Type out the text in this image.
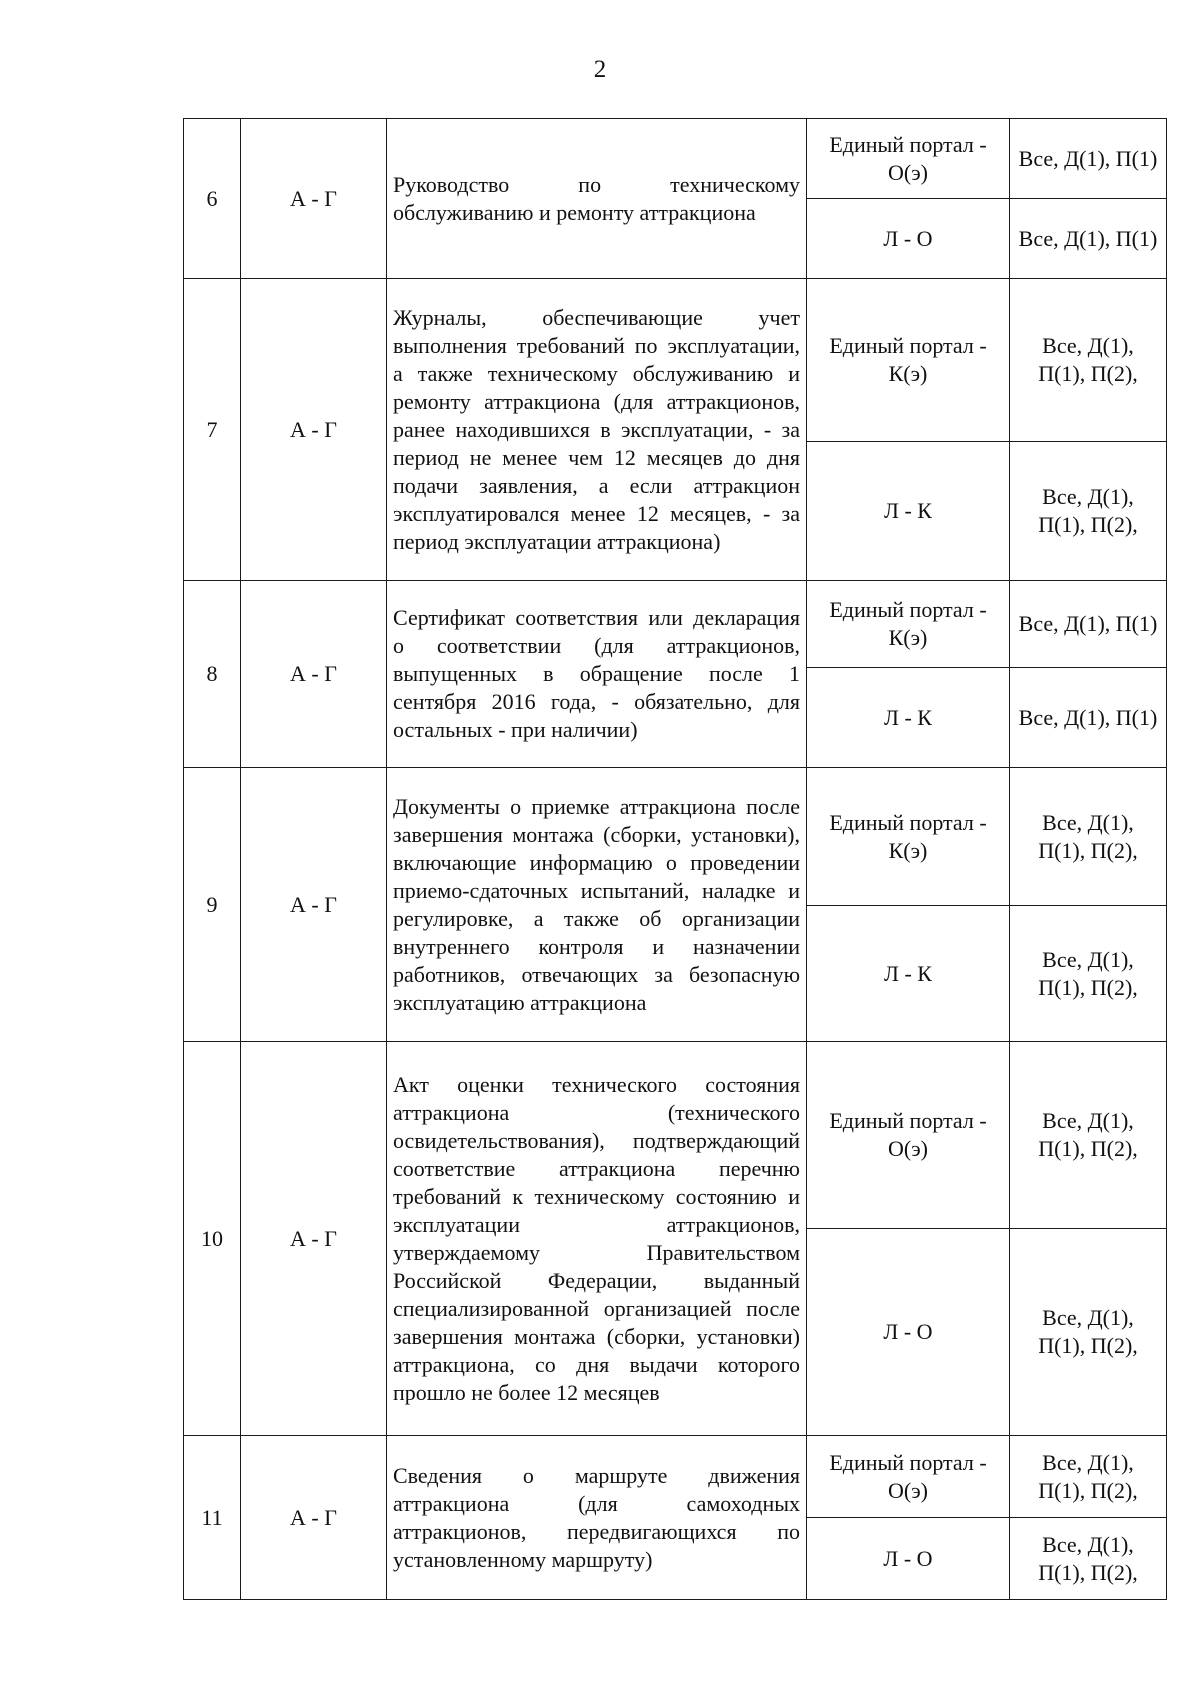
2
6	А - Г	Руководство по техническому обслуживанию и ремонту аттракциона	Единый портал - О(э)	Все, Д(1), П(1)
			Л - О	Все, Д(1), П(1)
7	А - Г	Журналы, обеспечивающие учет выполнения требований по эксплуатации, а также техническому обслуживанию и ремонту аттракциона (для аттракционов, ранее находившихся в эксплуатации, - за период не менее чем 12 месяцев до дня подачи заявления, а если аттракцион эксплуатировался менее 12 месяцев, - за период эксплуатации аттракциона)	Единый портал - К(э)	Все, Д(1), П(1), П(2),
			Л - К	Все, Д(1), П(1), П(2),
8	А - Г	Сертификат соответствия или декларация о соответствии (для аттракционов, выпущенных в обращение после 1 сентября 2016 года, - обязательно, для остальных - при наличии)	Единый портал - К(э)	Все, Д(1), П(1)
			Л - К	Все, Д(1), П(1)
9	А - Г	Документы о приемке аттракциона после завершения монтажа (сборки, установки), включающие информацию о проведении приемо-сдаточных испытаний, наладке и регулировке, а также об организации внутреннего контроля и назначении работников, отвечающих за безопасную эксплуатацию аттракциона	Единый портал - К(э)	Все, Д(1), П(1), П(2),
			Л - К	Все, Д(1), П(1), П(2),
10	А - Г	Акт оценки технического состояния аттракциона (технического освидетельствования), подтверждающий соответствие аттракциона перечню требований к техническому состоянию и эксплуатации аттракционов, утверждаемому Правительством Российской Федерации, выданный специализированной организацией после завершения монтажа (сборки, установки) аттракциона, со дня выдачи которого прошло не более 12 месяцев	Единый портал - О(э)	Все, Д(1), П(1), П(2),
			Л - О	Все, Д(1), П(1), П(2),
11	А - Г	Сведения о маршруте движения аттракциона (для самоходных аттракционов, передвигающихся по установленному маршруту)	Единый портал - О(э)	Все, Д(1), П(1), П(2),
			Л - О	Все, Д(1), П(1), П(2),
